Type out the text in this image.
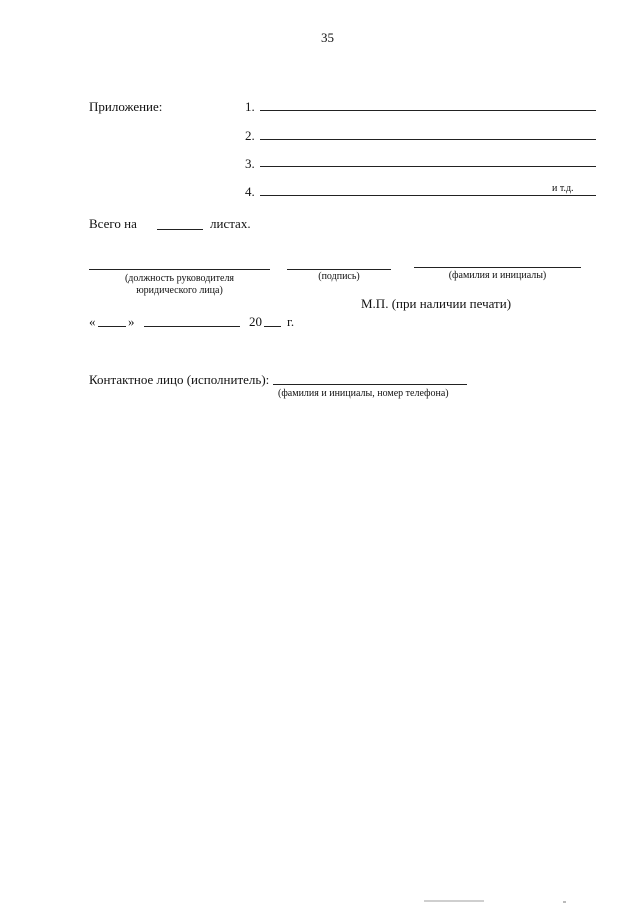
35
Приложение:	1.
2.
3.
4.	и т.д.
Всего на	листах.
(должность руководителя
юридического лица)
(подпись)	(фамилия и инициалы)
М.П. (при наличии печати)
«	»	20 г.
Контактное лицо (исполнитель):
(фамилия и инициалы, номер телефона)
